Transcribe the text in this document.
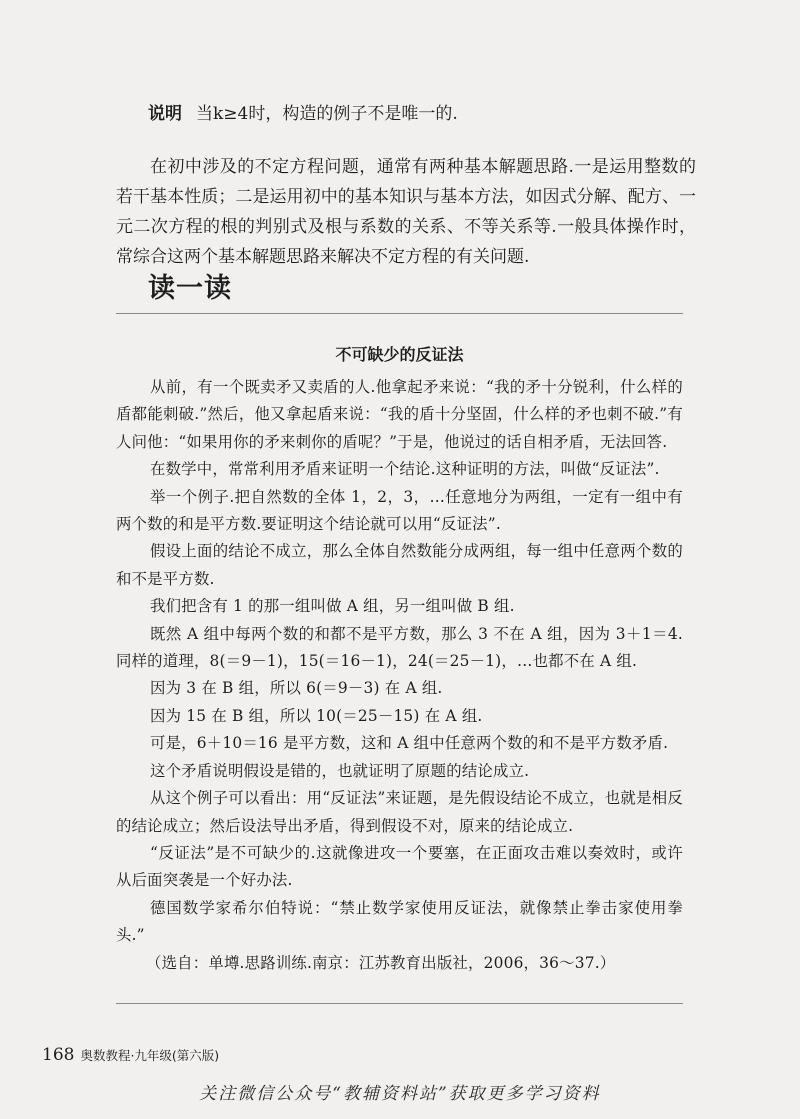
说明 当k≥4时，构造的例子不是唯一的.

在初中涉及的不定方程问题，通常有两种基本解题思路.一是运用整数的若干基本性质；二是运用初中的基本知识与基本方法，如因式分解、配方、一元二次方程的根的判别式及根与系数的关系、不等关系等.一般具体操作时，常综合这两个基本解题思路来解决不定方程的有关问题.

读一读
不可缺少的反证法

从前，有一个既卖矛又卖盾的人.他拿起矛来说：“我的矛十分锐利，什么样的盾都能刺破.”然后，他又拿起盾来说：“我的盾十分坚固，什么样的矛也刺不破.”有人问他：“如果用你的矛来刺你的盾呢？”于是，他说过的话自相矛盾，无法回答.

在数学中，常常利用矛盾来证明一个结论.这种证明的方法，叫做“反证法”.

举一个例子.把自然数的全体 1，2，3，…任意地分为两组，一定有一组中有两个数的和是平方数.要证明这个结论就可以用“反证法”.

假设上面的结论不成立，那么全体自然数能分成两组，每一组中任意两个数的和不是平方数.

我们把含有 1 的那一组叫做 A 组，另一组叫做 B 组.

既然 A 组中每两个数的和都不是平方数，那么 3 不在 A 组，因为 3＋1＝4.同样的道理，8(＝9－1)，15(＝16－1)，24(＝25－1)，…也都不在 A 组.

因为 3 在 B 组，所以 6(＝9－3) 在 A 组.

因为 15 在 B 组，所以 10(＝25－15) 在 A 组.

可是，6＋10＝16 是平方数，这和 A 组中任意两个数的和不是平方数矛盾.

这个矛盾说明假设是错的，也就证明了原题的结论成立.

从这个例子可以看出：用“反证法”来证题，是先假设结论不成立，也就是相反的结论成立；然后设法导出矛盾，得到假设不对，原来的结论成立.

“反证法”是不可缺少的.这就像进攻一个要塞，在正面攻击难以奏效时，或许从后面突袭是一个好办法.

德国数学家希尔伯特说：“禁止数学家使用反证法，就像禁止拳击家使用拳头.”

（选自：单墫.思路训练.南京：江苏教育出版社，2006，36～37.）

168 奥数教程·九年级(第六版)
关注微信公众号“教辅资料站”获取更多学习资料
